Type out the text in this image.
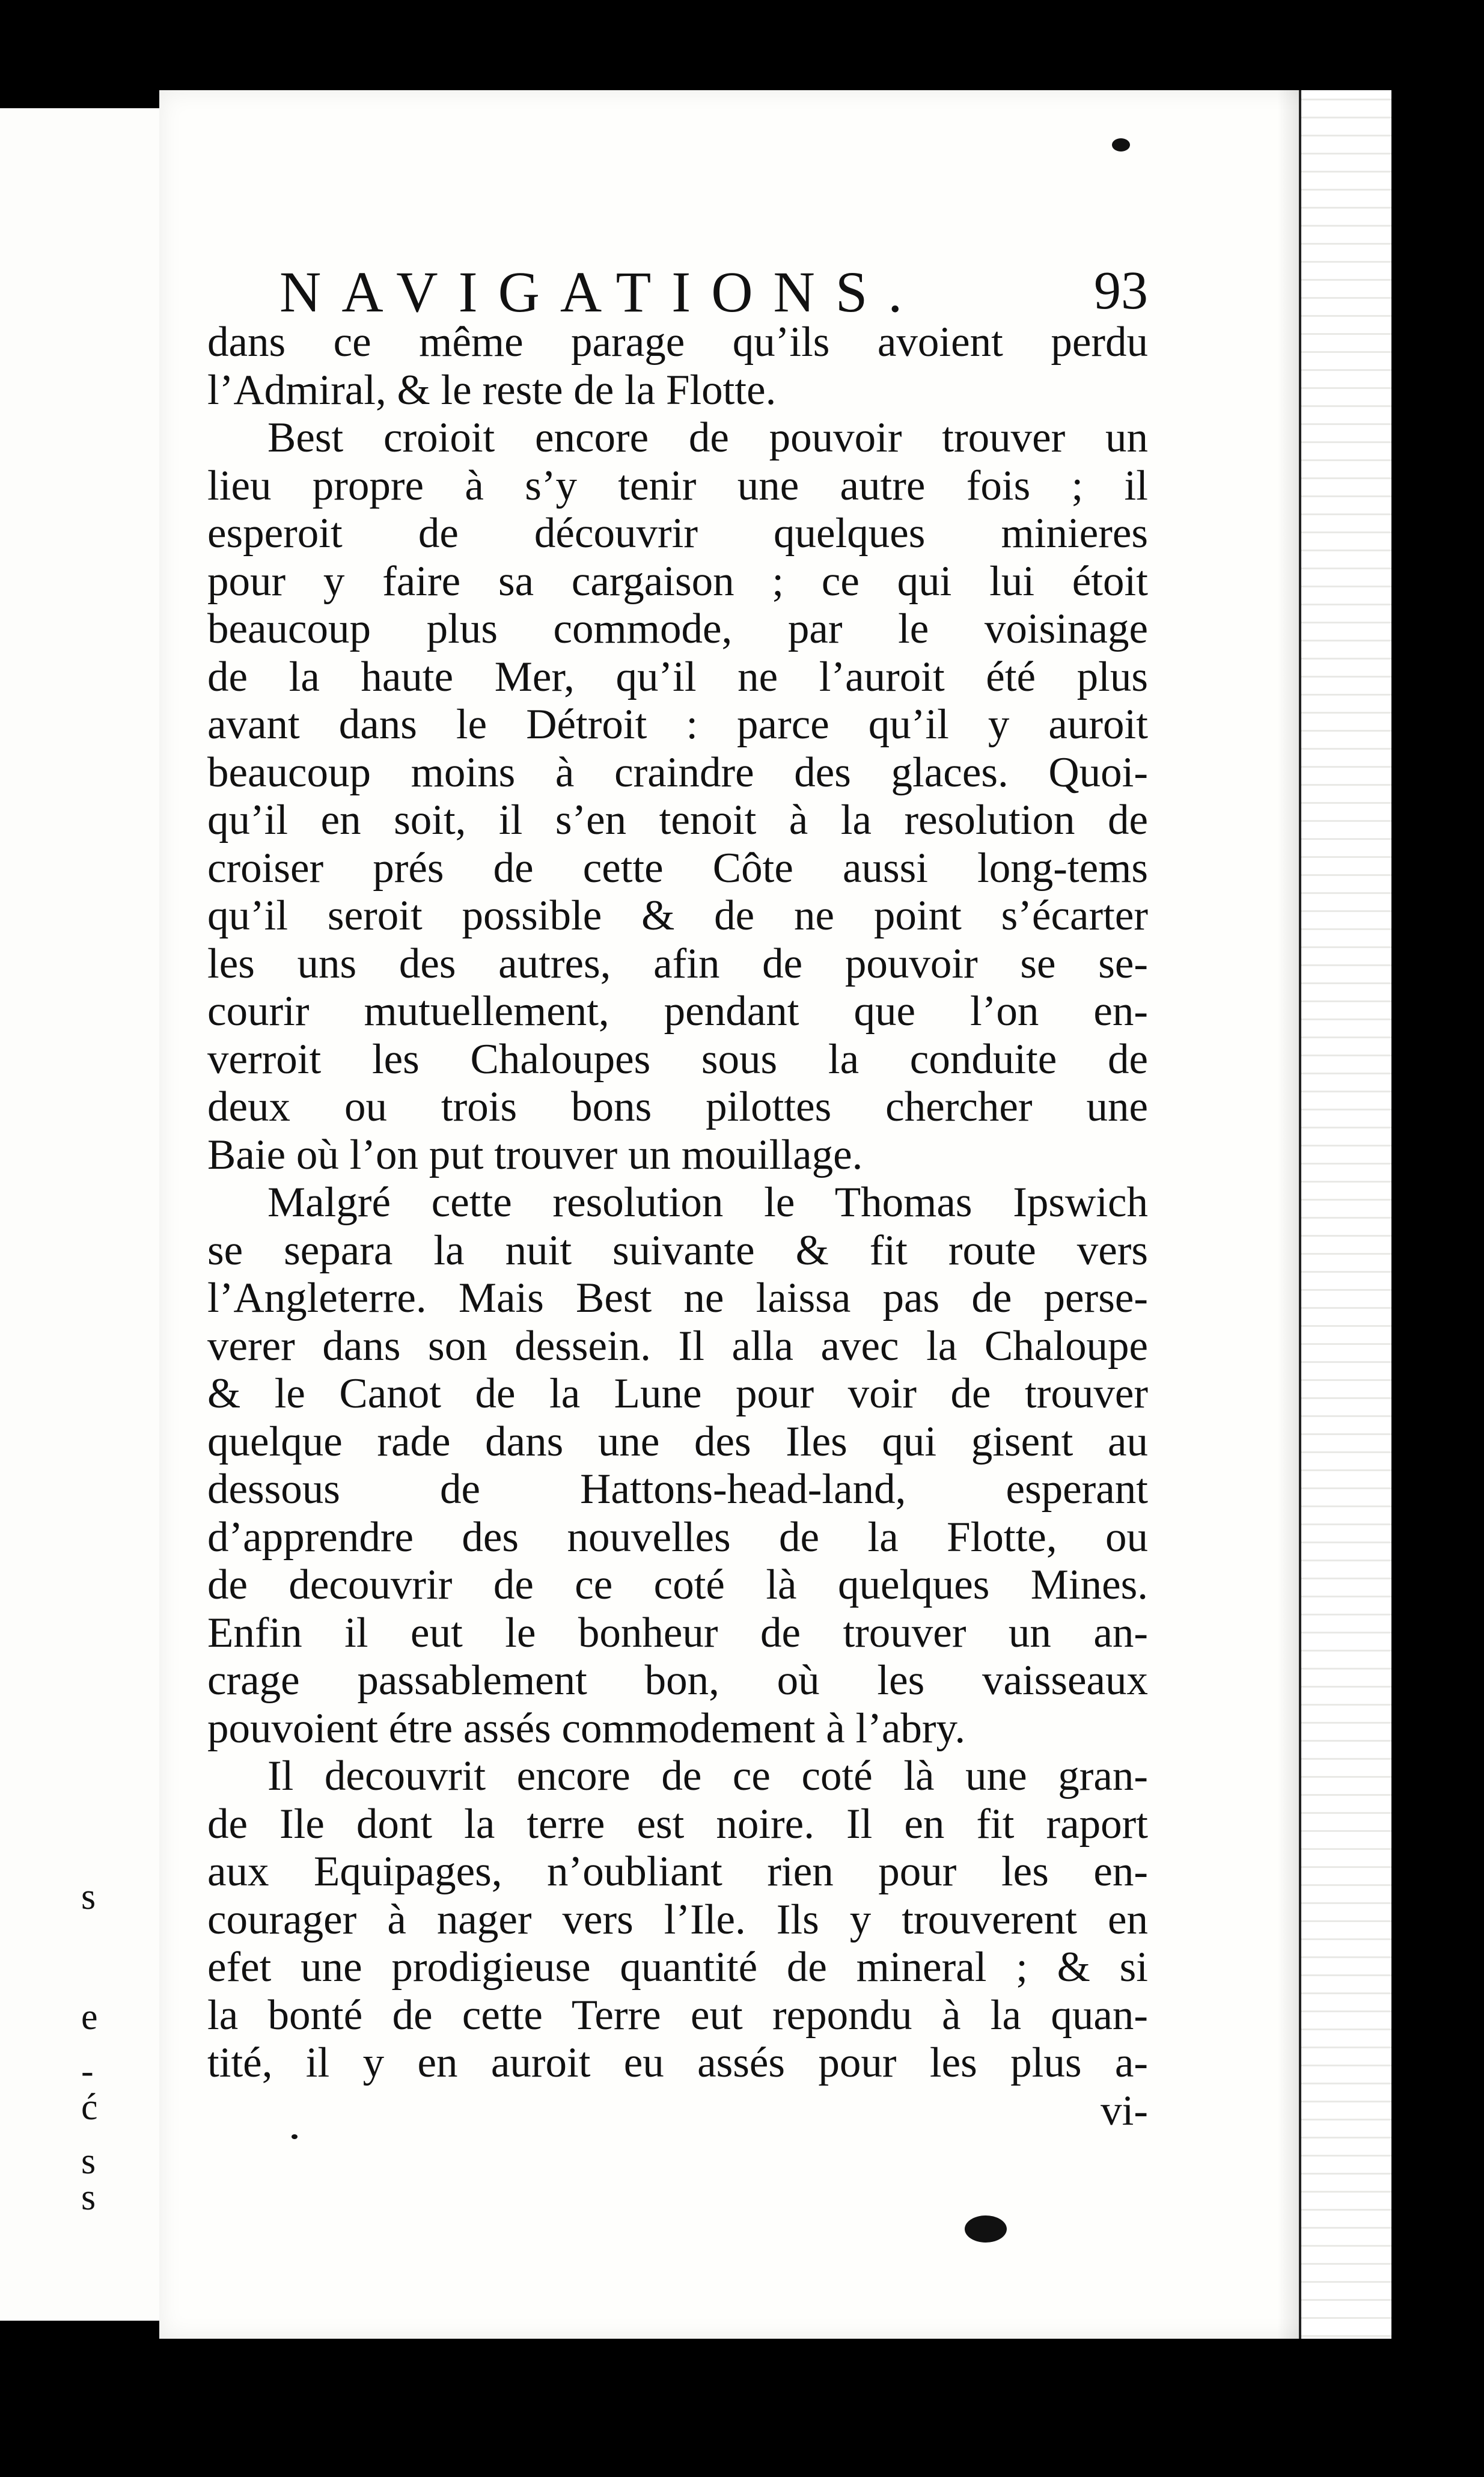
s
e
-
ć
s
s
NAVIGATIONS.	93
dans ce même parage qu’ils avoient perdu
l’Admiral, & le reste de la Flotte.
Best croioit encore de pouvoir trouver un
lieu propre à s’y tenir une autre fois ; il
esperoit de découvrir quelques minieres
pour y faire sa cargaison ; ce qui lui étoit
beaucoup plus commode, par le voisinage
de la haute Mer, qu’il ne l’auroit été plus
avant dans le Détroit : parce qu’il y auroit
beaucoup moins à craindre des glaces. Quoi-
qu’il en soit, il s’en tenoit à la resolution de
croiser prés de cette Côte aussi long-tems
qu’il seroit possible & de ne point s’écarter
les uns des autres, afin de pouvoir se se-
courir mutuellement, pendant que l’on en-
verroit les Chaloupes sous la conduite de
deux ou trois bons pilottes chercher une
Baie où l’on put trouver un mouillage.
Malgré cette resolution le Thomas Ipswich
se separa la nuit suivante & fit route vers
l’Angleterre. Mais Best ne laissa pas de perse-
verer dans son dessein. Il alla avec la Chaloupe
& le Canot de la Lune pour voir de trouver
quelque rade dans une des Iles qui gisent au
dessous de Hattons-head-land, esperant
d’apprendre des nouvelles de la Flotte, ou
de decouvrir de ce coté là quelques Mines.
Enfin il eut le bonheur de trouver un an-
crage passablement bon, où les vaisseaux
pouvoient étre assés commodement à l’abry.
Il decouvrit encore de ce coté là une gran-
de Ile dont la terre est noire. Il en fit raport
aux Equipages, n’oubliant rien pour les en-
courager à nager vers l’Ile. Ils y trouverent en
efet une prodigieuse quantité de mineral ; & si
la bonté de cette Terre eut repondu à la quan-
tité, il y en auroit eu assés pour les plus a-
vi-
